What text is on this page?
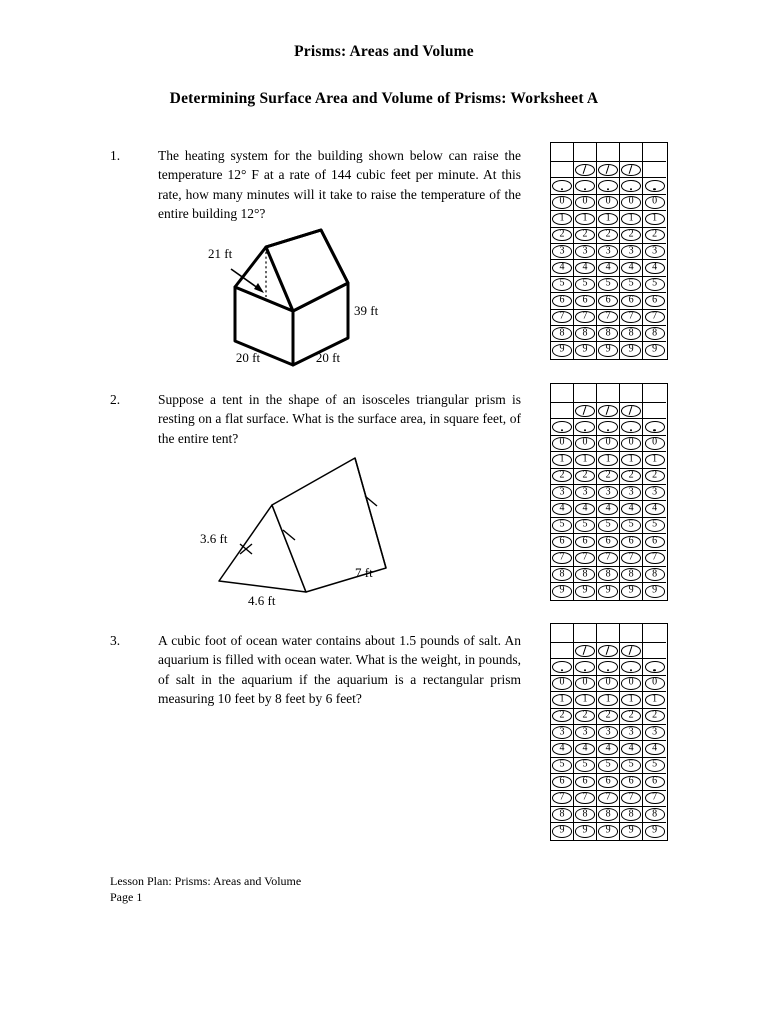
Prisms: Areas and Volume
Determining Surface Area and Volume of Prisms: Worksheet A
1.	The heating system for the building shown below can raise the temperature 12° F at a rate of 144 cubic feet per minute. At this rate, how many minutes will it take to raise the temperature of the entire building 12°?
21 ft
39 ft
20 ft	20 ft
0 0 0 0 0
1 1 1 1 1
2 2 2 2 2
3 3 3 3 3
4 4 4 4 4
5 5 5 5 5
6 6 6 6 6
7 7 7 7 7
8 8 8 8 8
9 9 9 9 9
2.	Suppose a tent in the shape of an isosceles triangular prism is resting on a flat surface. What is the surface area, in square feet, of the entire tent?
3.6 ft
4.6 ft
7 ft
0 0 0 0 0
1 1 1 1 1
2 2 2 2 2
3 3 3 3 3
4 4 4 4 4
5 5 5 5 5
6 6 6 6 6
7 7 7 7 7
8 8 8 8 8
9 9 9 9 9
3.	A cubic foot of ocean water contains about 1.5 pounds of salt. An aquarium is filled with ocean water. What is the weight, in pounds, of salt in the aquarium if the aquarium is a rectangular prism measuring 10 feet by 8 feet by 6 feet?
0 0 0 0 0
1 1 1 1 1
2 2 2 2 2
3 3 3 3 3
4 4 4 4 4
5 5 5 5 5
6 6 6 6 6
7 7 7 7 7
8 8 8 8 8
9 9 9 9 9
Lesson Plan: Prisms: Areas and Volume
Page 1
